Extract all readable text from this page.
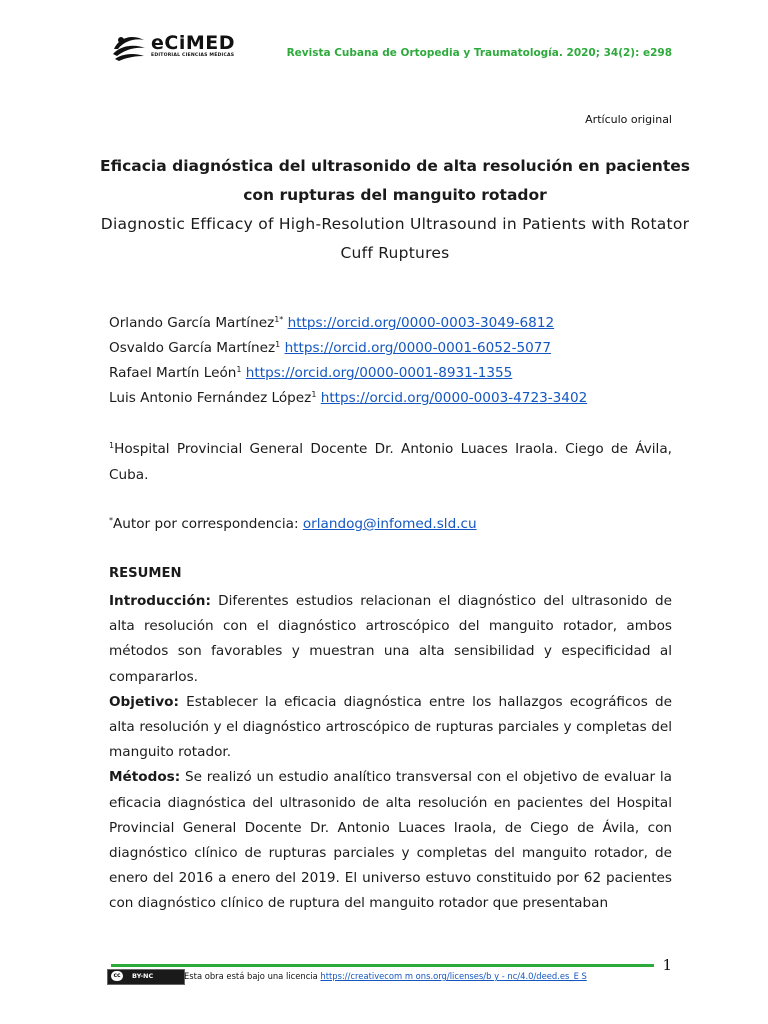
eCiMED
EDITORIAL CIENCIAS MÉDICAS	Revista Cubana de Ortopedia y Traumatología. 2020; 34(2): e298
Artículo original
Eficacia diagnóstica del ultrasonido de alta resolución en pacientes con rupturas del manguito rotador
Diagnostic Efficacy of High-Resolution Ultrasound in Patients with Rotator Cuff Ruptures
Orlando García Martínez$^{1*}$ https://orcid.org/0000-0003-3049-6812
Osvaldo García Martínez$^1$ https://orcid.org/0000-0001-6052-5077
Rafael Martín León$^1$ https://orcid.org/0000-0001-8931-1355
Luis Antonio Fernández López$^1$ https://orcid.org/0000-0003-4723-3402
$^1$Hospital Provincial General Docente Dr. Antonio Luaces Iraola. Ciego de Ávila, Cuba.
*Autor por correspondencia: orlandog@infomed.sld.cu
RESUMEN

Introducción: Diferentes estudios relacionan el diagnóstico del ultrasonido de alta resolución con el diagnóstico artroscópico del manguito rotador, ambos métodos son favorables y muestran una alta sensibilidad y especificidad al compararlos.

Objetivo: Establecer la eficacia diagnóstica entre los hallazgos ecográficos de alta resolución y el diagnóstico artroscópico de rupturas parciales y completas del manguito rotador.

Métodos: Se realizó un estudio analítico transversal con el objetivo de evaluar la eficacia diagnóstica del ultrasonido de alta resolución en pacientes del Hospital Provincial General Docente Dr. Antonio Luaces Iraola, de Ciego de Ávila, con diagnóstico clínico de rupturas parciales y completas del manguito rotador, de enero del 2016 a enero del 2019. El universo estuvo constituido por 62 pacientes con diagnóstico clínico de ruptura del manguito rotador que presentaban

1
cc	BY-NC	Esta obra está bajo una licencia https://creativecom m ons.org/licenses/b y - nc/4.0/deed.es_E S
